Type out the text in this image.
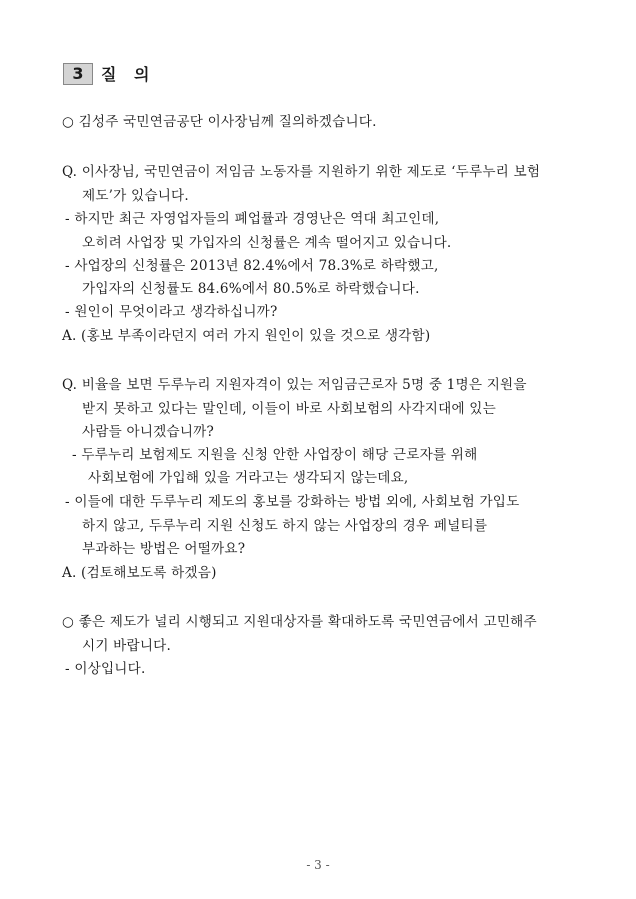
3	질 의
○ 김성주 국민연금공단 이사장님께 질의하겠습니다.
Q. 이사장님, 국민연금이 저임금 노동자를 지원하기 위한 제도로 ‘두루누리 보험
제도’가 있습니다.
- 하지만 최근 자영업자들의 폐업률과 경영난은 역대 최고인데,
오히려 사업장 및 가입자의 신청률은 계속 떨어지고 있습니다.
- 사업장의 신청률은 2013년 82.4%에서 78.3%로 하락했고,
가입자의 신청률도 84.6%에서 80.5%로 하락했습니다.
- 원인이 무엇이라고 생각하십니까?
A. (홍보 부족이라던지 여러 가지 원인이 있을 것으로 생각함)
Q. 비율을 보면 두루누리 지원자격이 있는 저임금근로자 5명 중 1명은 지원을
받지 못하고 있다는 말인데, 이들이 바로 사회보험의 사각지대에 있는
사람들 아니겠습니까?
- 두루누리 보험제도 지원을 신청 안한 사업장이 해당 근로자를 위해
사회보험에 가입해 있을 거라고는 생각되지 않는데요,
- 이들에 대한 두루누리 제도의 홍보를 강화하는 방법 외에, 사회보험 가입도
하지 않고, 두루누리 지원 신청도 하지 않는 사업장의 경우 페널티를
부과하는 방법은 어떨까요?
A. (검토해보도록 하겠음)
○ 좋은 제도가 널리 시행되고 지원대상자를 확대하도록 국민연금에서 고민해주
시기 바랍니다.
- 이상입니다.
- 3 -
